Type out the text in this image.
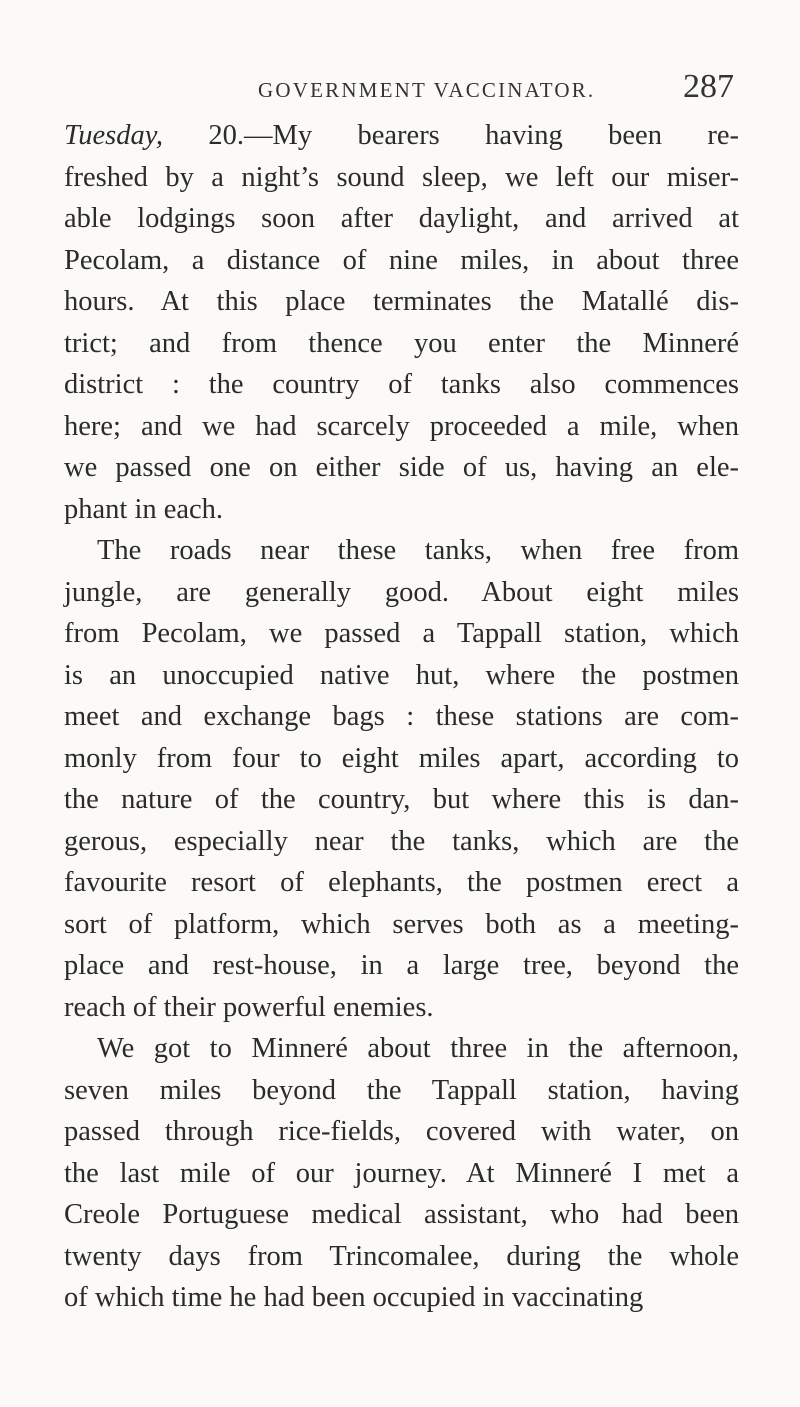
GOVERNMENT VACCINATOR.	287
Tuesday, 20.—My bearers having been re-
freshed by a night’s sound sleep, we left our miser-
able lodgings soon after daylight, and arrived at
Pecolam, a distance of nine miles, in about three
hours. At this place terminates the Matallé dis-
trict; and from thence you enter the Minneré
district : the country of tanks also commences
here; and we had scarcely proceeded a mile, when
we passed one on either side of us, having an ele-
phant in each.
The roads near these tanks, when free from
jungle, are generally good. About eight miles
from Pecolam, we passed a Tappall station, which
is an unoccupied native hut, where the postmen
meet and exchange bags : these stations are com-
monly from four to eight miles apart, according to
the nature of the country, but where this is dan-
gerous, especially near the tanks, which are the
favourite resort of elephants, the postmen erect a
sort of platform, which serves both as a meeting-
place and rest-house, in a large tree, beyond the
reach of their powerful enemies.
We got to Minneré about three in the afternoon,
seven miles beyond the Tappall station, having
passed through rice-fields, covered with water, on
the last mile of our journey. At Minneré I met a
Creole Portuguese medical assistant, who had been
twenty days from Trincomalee, during the whole
of which time he had been occupied in vaccinating
